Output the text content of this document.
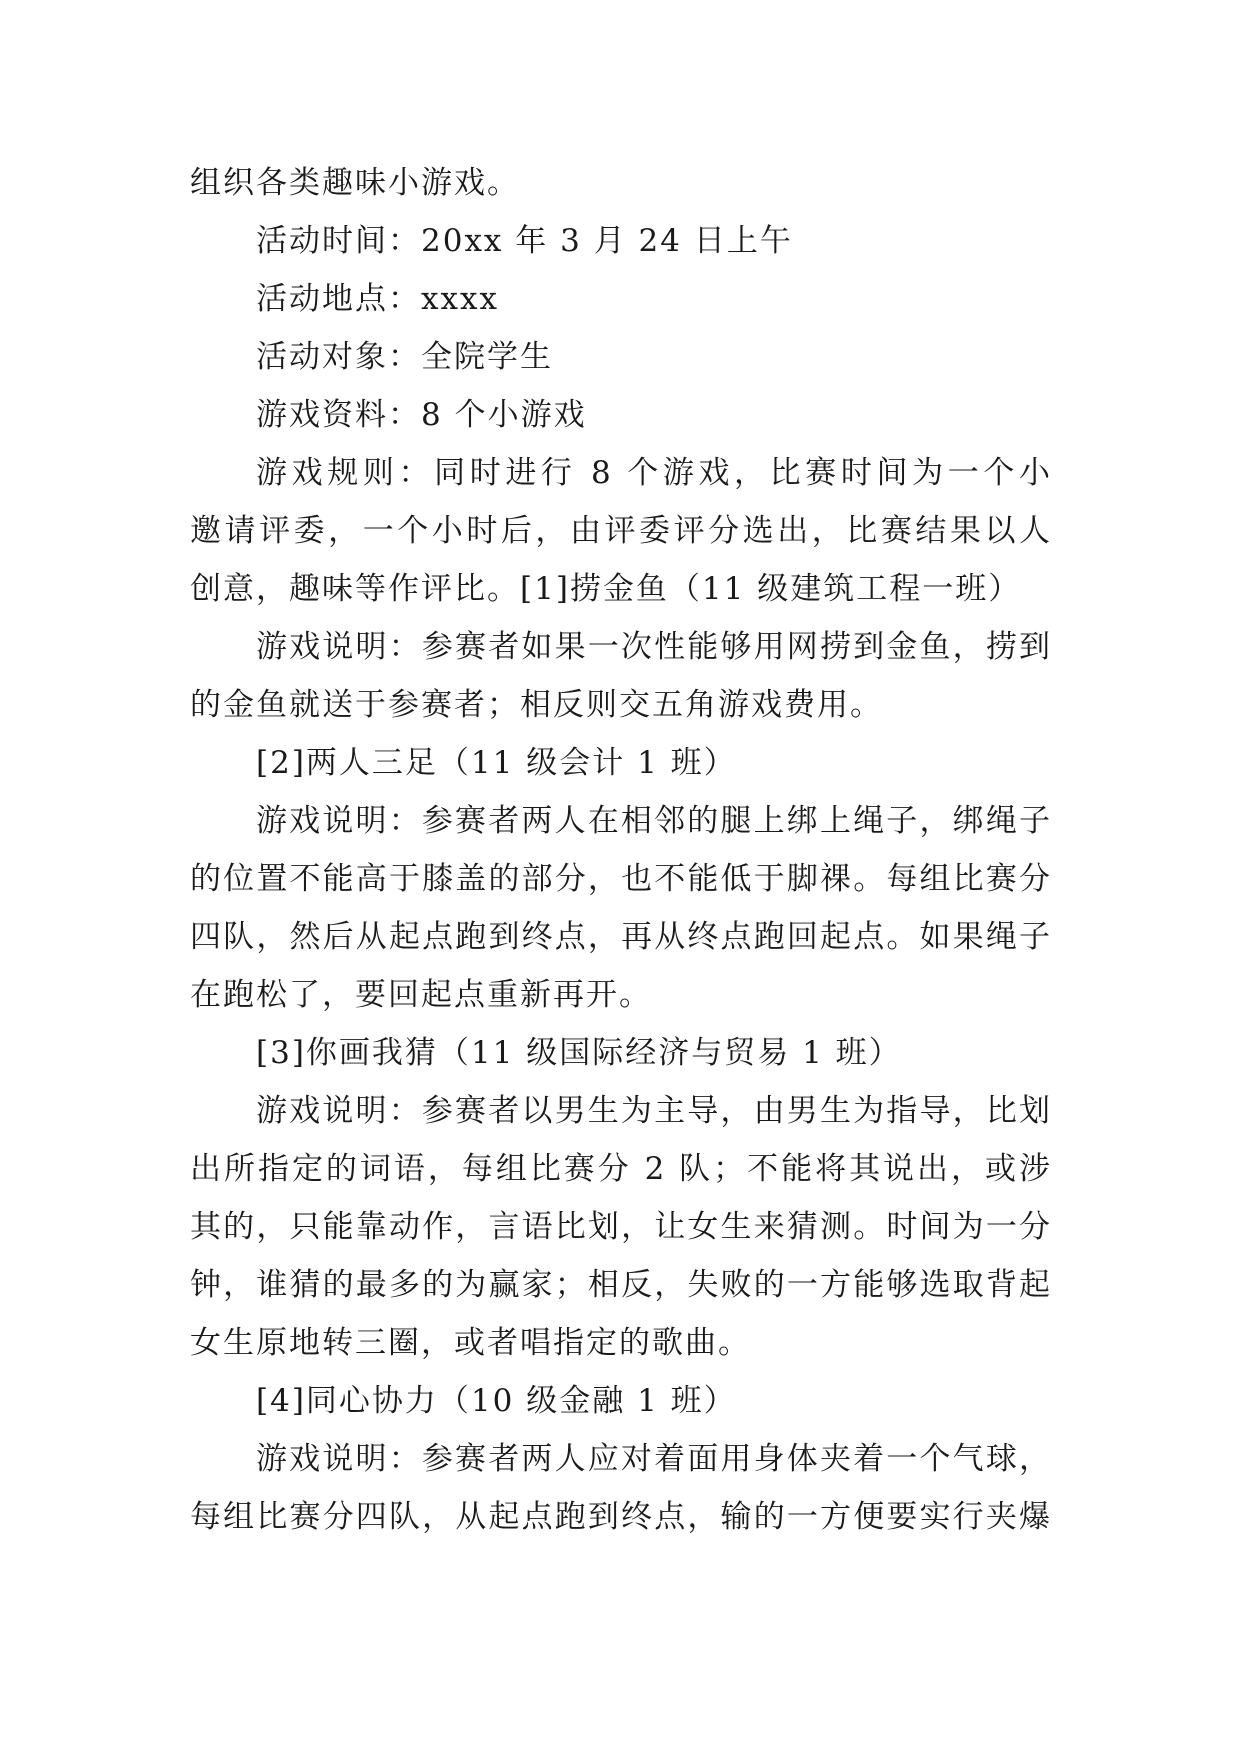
组织各类趣味小游戏。
活动时间：20xx 年 3 月 24 日上午
活动地点：xxxx
活动对象：全院学生
游戏资料：8 个小游戏
游戏规则：同时进行 8 个游戏，比赛时间为一个小
邀请评委，一个小时后，由评委评分选出，比赛结果以人
创意，趣味等作评比。[1]捞金鱼（11 级建筑工程一班）
游戏说明：参赛者如果一次性能够用网捞到金鱼，捞到
的金鱼就送于参赛者；相反则交五角游戏费用。
[2]两人三足（11 级会计 1 班）
游戏说明：参赛者两人在相邻的腿上绑上绳子，绑绳子
的位置不能高于膝盖的部分，也不能低于脚祼。每组比赛分
四队，然后从起点跑到终点，再从终点跑回起点。如果绳子
在跑松了，要回起点重新再开。
[3]你画我猜（11 级国际经济与贸易 1 班）
游戏说明：参赛者以男生为主导，由男生为指导，比划
出所指定的词语，每组比赛分 2 队；不能将其说出，或涉
其的，只能靠动作，言语比划，让女生来猜测。时间为一分
钟，谁猜的最多的为赢家；相反，失败的一方能够选取背起
女生原地转三圈，或者唱指定的歌曲。
[4]同心协力（10 级金融 1 班）
游戏说明：参赛者两人应对着面用身体夹着一个气球，
每组比赛分四队，从起点跑到终点，输的一方便要实行夹爆
